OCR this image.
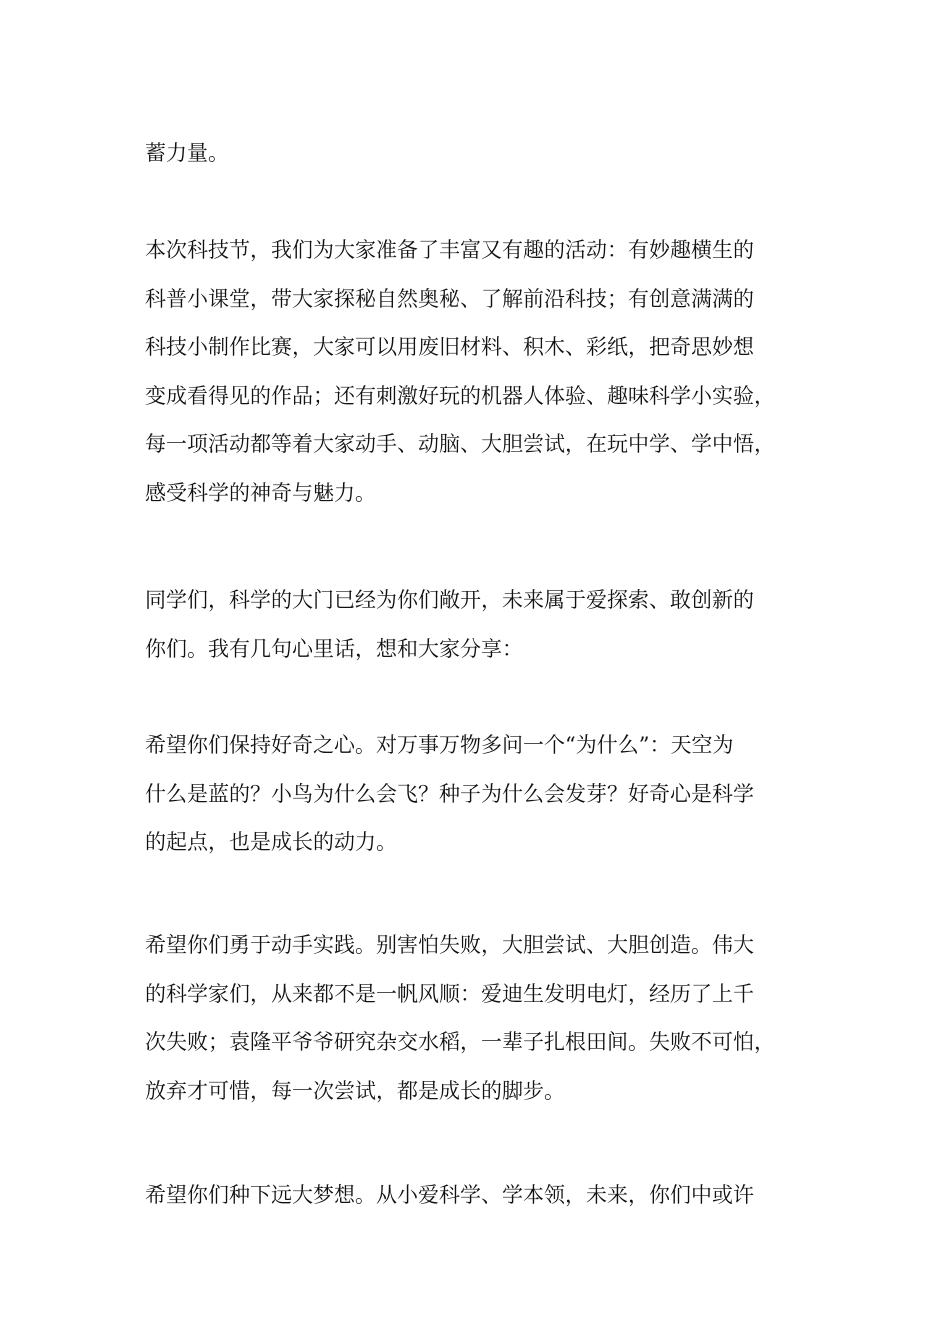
蓄力量。
本次科技节，我们为大家准备了丰富又有趣的活动：有妙趣横生的
科普小课堂，带大家探秘自然奥秘、了解前沿科技；有创意满满的
科技小制作比赛，大家可以用废旧材料、积木、彩纸，把奇思妙想
变成看得见的作品；还有刺激好玩的机器人体验、趣味科学小实验，
每一项活动都等着大家动手、动脑、大胆尝试，在玩中学、学中悟，
感受科学的神奇与魅力。
同学们，科学的大门已经为你们敞开，未来属于爱探索、敢创新的
你们。我有几句心里话，想和大家分享：
希望你们保持好奇之心。对万事万物多问一个“为什么”：天空为
什么是蓝的？小鸟为什么会飞？种子为什么会发芽？好奇心是科学
的起点，也是成长的动力。
希望你们勇于动手实践。别害怕失败，大胆尝试、大胆创造。伟大
的科学家们，从来都不是一帆风顺：爱迪生发明电灯，经历了上千
次失败；袁隆平爷爷研究杂交水稻，一辈子扎根田间。失败不可怕，
放弃才可惜，每一次尝试，都是成长的脚步。
希望你们种下远大梦想。从小爱科学、学本领，未来，你们中或许
